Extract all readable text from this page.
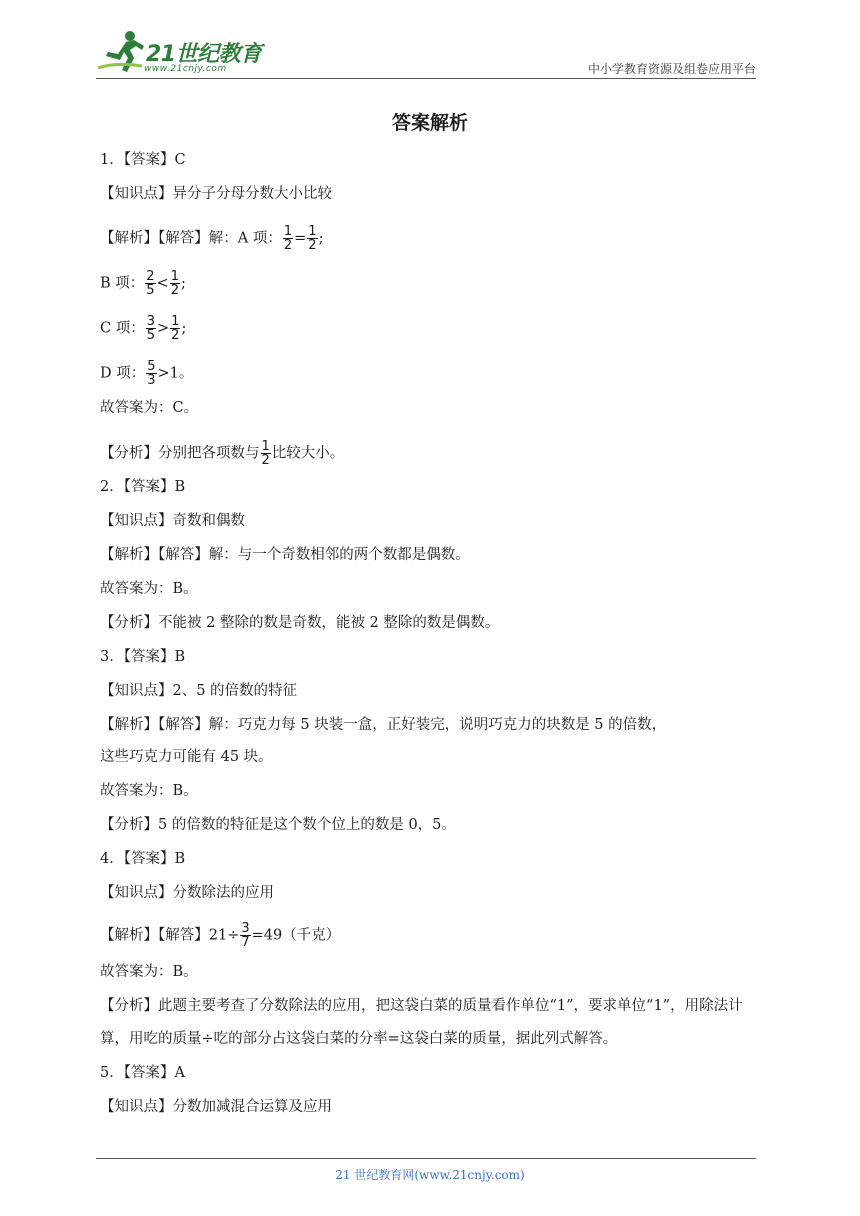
21世纪教育
www.21cnjy.com	中小学教育资源及组卷应用平台
答案解析
1．【答案】C
【知识点】异分子分母分数大小比较
【解析】【解答】解：A 项： $\frac{1}{2} = \frac{1}{2}$ ;
B 项： $\frac{2}{5} < \frac{1}{2}$ ;
C 项： $\frac{3}{5} > \frac{1}{2}$ ;
D 项： $\frac{5}{3} >1$。
故答案为：C。
【分析】分别把各项数与 $\frac{1}{2}$ 比较大小。
2．【答案】B
【知识点】奇数和偶数
【解析】【解答】解：与一个奇数相邻的两个数都是偶数。
故答案为：B。
【分析】不能被 2 整除的数是奇数，能被 2 整除的数是偶数。
3．【答案】B
【知识点】2、5 的倍数的特征
【解析】【解答】解：巧克力每 5 块装一盒，正好装完，说明巧克力的块数是 5 的倍数，
这些巧克力可能有 45 块。
故答案为：B。
【分析】5 的倍数的特征是这个数个位上的数是 0，5。
4．【答案】B
【知识点】分数除法的应用
【解析】【解答】$21\div \frac{3}{7} =49$（千克）
故答案为：B。
【分析】此题主要考查了分数除法的应用，把这袋白菜的质量看作单位“1”，要求单位“1”，用除法计算，用吃的质量÷吃的部分占这袋白菜的分率=这袋白菜的质量，据此列式解答。
5．【答案】A
【知识点】分数加减混合运算及应用
21 世纪教育网(www.21cnjy.com)
